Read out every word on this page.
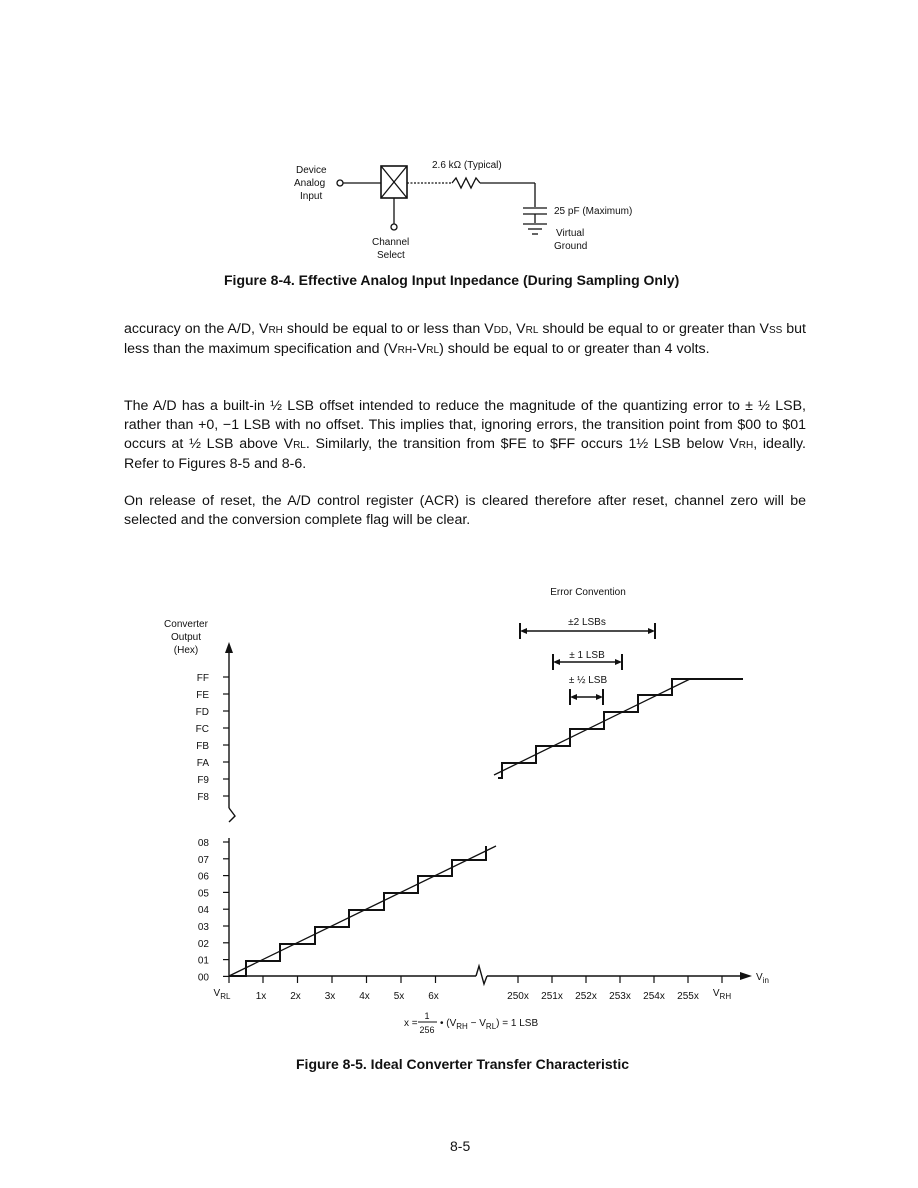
Device
Analog
Input
2.6 kΩ (Typical)
25 pF (Maximum)
Virtual
Ground
Channel
Select
Figure 8-4. Effective Analog Input Inpedance (During Sampling Only)

accuracy on the A/D, VRH should be equal to or less than VDD, VRL should be equal to or greater than VSS but less than the maximum specification and (VRH-VRL) should be equal to or greater than 4 volts.

The A/D has a built-in ½ LSB offset intended to reduce the magnitude of the quantizing error to ± ½ LSB, rather than +0, −1 LSB with no offset. This implies that, ignoring errors, the transition point from $00 to $01 occurs at ½ LSB above VRL. Similarly, the transition from $FE to $FF occurs 1½ LSB below VRH, ideally. Refer to Figures 8-5 and 8-6.

On release of reset, the A/D control register (ACR) is cleared therefore after reset, channel zero will be selected and the conversion complete flag will be clear.

Error Convention
±2 LSBs
± 1 LSB
± ½ LSB
Converter
Output
(Hex)
$V_{RL}$	$V_{RH}$
$V_{in}$
x =
1
256
• $(V_{RH} - V_{RL}) = 1$ LSB
FF
FE
FD
FC
FB
FA
F9
F8
08
07
06
05
04
03
02
01
00
1x 2x 3x 4x 5x 6x	250x 251x 252x 253x 254x 255x
Figure 8-5. Ideal Converter Transfer Characteristic
8-5
